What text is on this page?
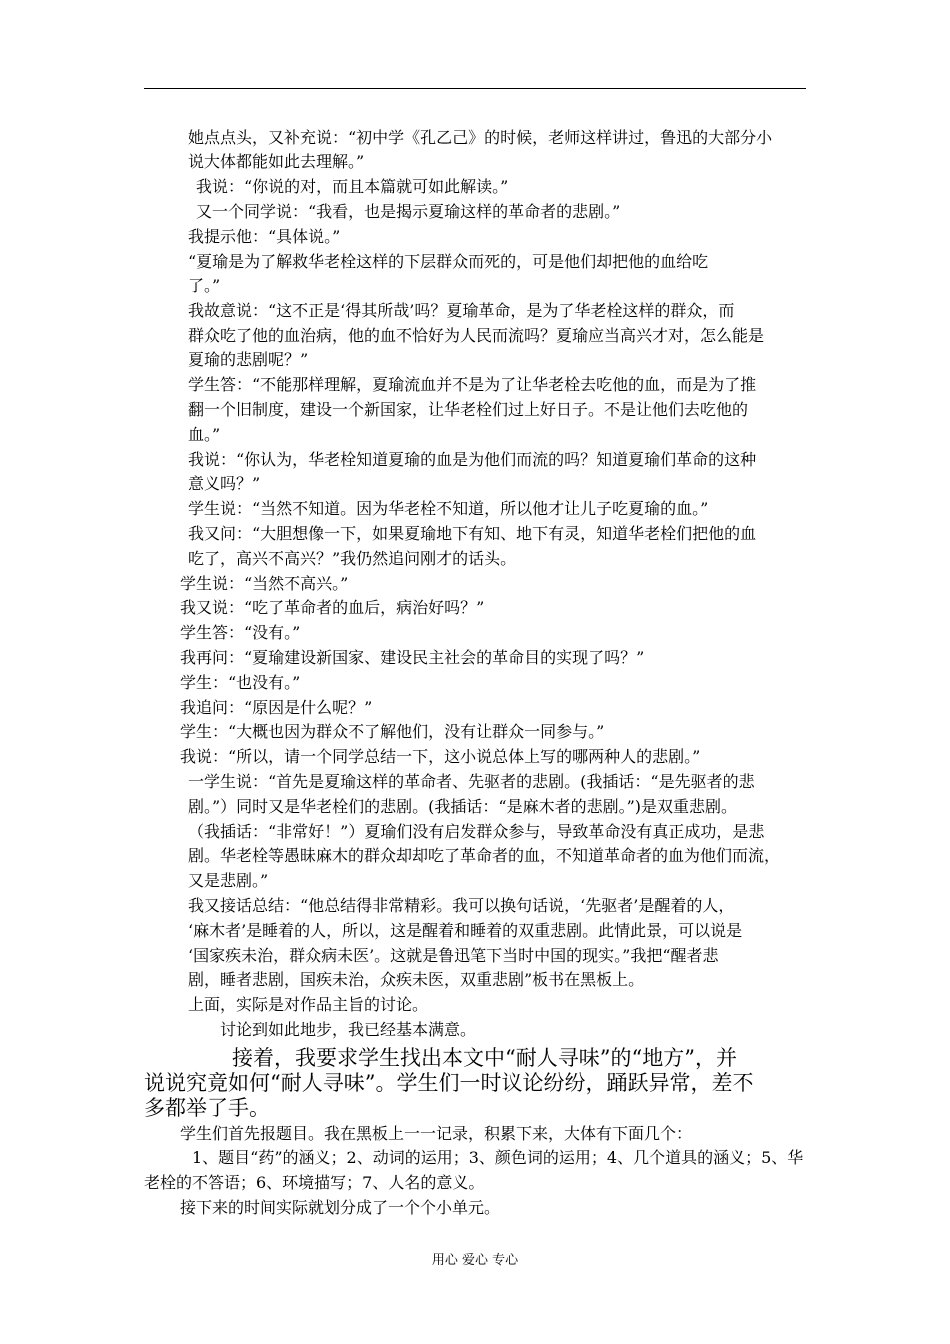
她点点头，又补充说：“初中学《孔乙己》的时候，老师这样讲过，鲁迅的大部分小
说大体都能如此去理解。”
我说：“你说的对，而且本篇就可如此解读。”
又一个同学说：“我看，也是揭示夏瑜这样的革命者的悲剧。”
我提示他：“具体说。”
“夏瑜是为了解救华老栓这样的下层群众而死的，可是他们却把他的血给吃
了。”
我故意说：“这不正是‘得其所哉’吗？夏瑜革命，是为了华老栓这样的群众，而
群众吃了他的血治病，他的血不恰好为人民而流吗？夏瑜应当高兴才对，怎么能是
夏瑜的悲剧呢？”
学生答：“不能那样理解，夏瑜流血并不是为了让华老栓去吃他的血，而是为了推
翻一个旧制度，建设一个新国家，让华老栓们过上好日子。不是让他们去吃他的
血。”
我说：“你认为，华老栓知道夏瑜的血是为他们而流的吗？知道夏瑜们革命的这种
意义吗？”
学生说：“当然不知道。因为华老栓不知道，所以他才让儿子吃夏瑜的血。”
我又问：“大胆想像一下，如果夏瑜地下有知、地下有灵，知道华老栓们把他的血
吃了，高兴不高兴？”我仍然追问刚才的话头。
学生说：“当然不高兴。”
我又说：“吃了革命者的血后，病治好吗？”
学生答：“没有。”
我再问：“夏瑜建设新国家、建设民主社会的革命目的实现了吗？”
学生：“也没有。”
我追问：“原因是什么呢？”
学生：“大概也因为群众不了解他们，没有让群众一同参与。”
我说：“所以，请一个同学总结一下，这小说总体上写的哪两种人的悲剧。”
一学生说：“首先是夏瑜这样的革命者、先驱者的悲剧。(我插话：“是先驱者的悲
剧。”）同时又是华老栓们的悲剧。(我插话：“是麻木者的悲剧。”)是双重悲剧。
（我插话：“非常好！”）夏瑜们没有启发群众参与，导致革命没有真正成功，是悲
剧。华老栓等愚昧麻木的群众却却吃了革命者的血，不知道革命者的血为他们而流，
又是悲剧。”
我又接话总结：“他总结得非常精彩。我可以换句话说，‘先驱者’是醒着的人，
‘麻木者’是睡着的人，所以，这是醒着和睡着的双重悲剧。此情此景，可以说是
‘国家疾未治，群众病未医’。这就是鲁迅笔下当时中国的现实。”我把“醒者悲
剧，睡者悲剧，国疾未治，众疾未医，双重悲剧”板书在黑板上。
上面，实际是对作品主旨的讨论。
讨论到如此地步，我已经基本满意。
接着，我要求学生找出本文中“耐人寻味”的“地方”，并
说说究竟如何“耐人寻味”。学生们一时议论纷纷，踊跃异常，差不
多都举了手。
学生们首先报题目。我在黑板上一一记录，积累下来，大体有下面几个：
1、题目“药”的涵义；2、动词的运用；3、颜色词的运用；4、几个道具的涵义；5、华
老栓的不答语；6、环境描写；7、人名的意义。
接下来的时间实际就划分成了一个个小单元。
用心 爱心 专心
